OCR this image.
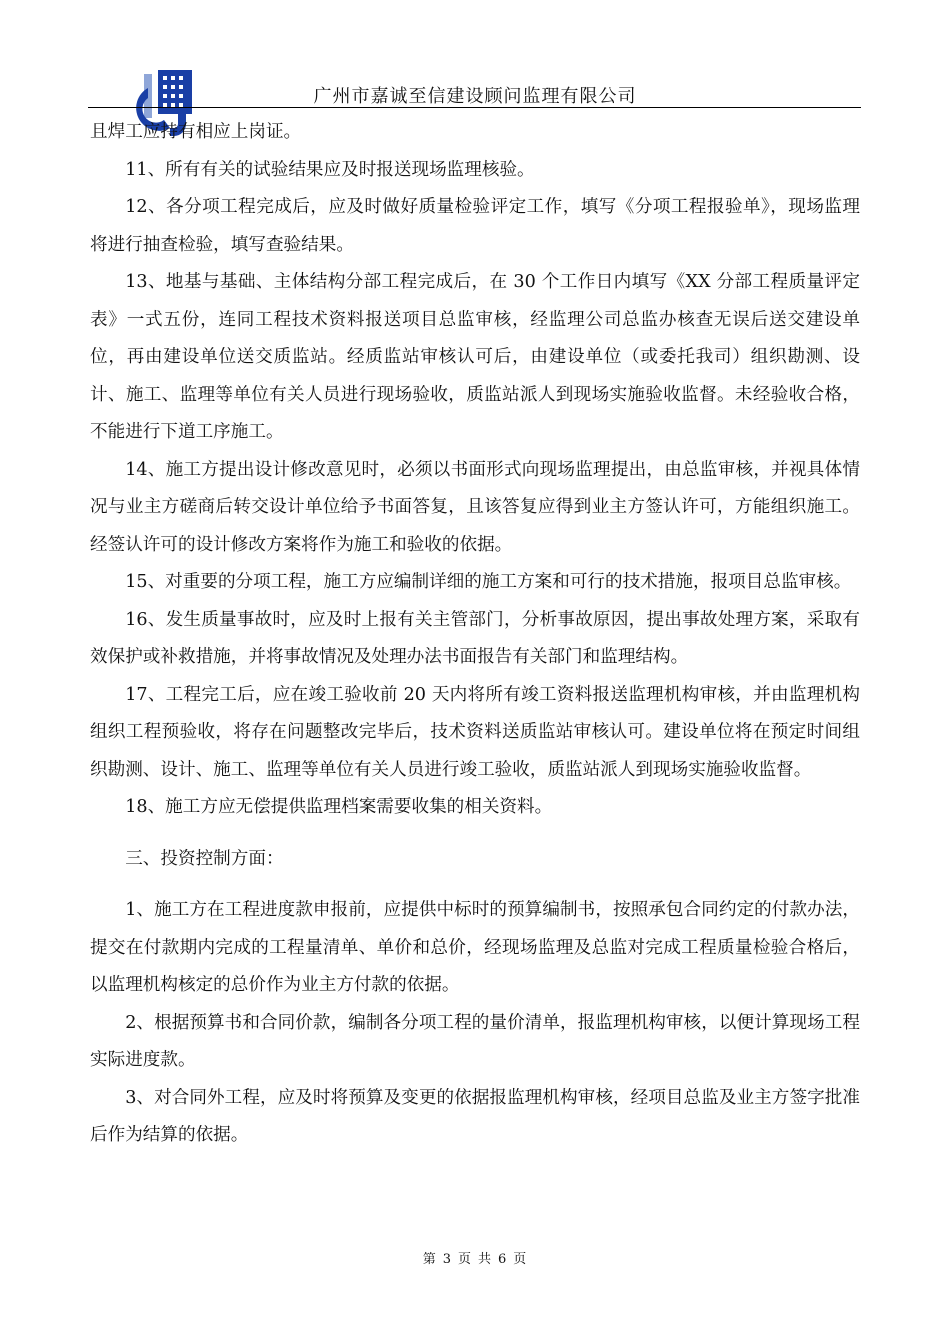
广州市嘉诚至信建设顾问监理有限公司

且焊工应持有相应上岗证。

11、所有有关的试验结果应及时报送现场监理核验。

12、各分项工程完成后，应及时做好质量检验评定工作，填写《分项工程报验单》，现场监理将进行抽查检验，填写查验结果。

13、地基与基础、主体结构分部工程完成后，在 30 个工作日内填写《XX 分部工程质量评定表》一式五份，连同工程技术资料报送项目总监审核，经监理公司总监办核查无误后送交建设单位，再由建设单位送交质监站。经质监站审核认可后，由建设单位（或委托我司）组织勘测、设计、施工、监理等单位有关人员进行现场验收，质监站派人到现场实施验收监督。未经验收合格，不能进行下道工序施工。

14、施工方提出设计修改意见时，必须以书面形式向现场监理提出，由总监审核，并视具体情况与业主方磋商后转交设计单位给予书面答复，且该答复应得到业主方签认许可，方能组织施工。经签认许可的设计修改方案将作为施工和验收的依据。

15、对重要的分项工程，施工方应编制详细的施工方案和可行的技术措施，报项目总监审核。

16、发生质量事故时，应及时上报有关主管部门，分析事故原因，提出事故处理方案，采取有效保护或补救措施，并将事故情况及处理办法书面报告有关部门和监理结构。

17、工程完工后，应在竣工验收前 20 天内将所有竣工资料报送监理机构审核，并由监理机构组织工程预验收，将存在问题整改完毕后，技术资料送质监站审核认可。建设单位将在预定时间组织勘测、设计、施工、监理等单位有关人员进行竣工验收，质监站派人到现场实施验收监督。

18、施工方应无偿提供监理档案需要收集的相关资料。

三、投资控制方面：

1、施工方在工程进度款申报前，应提供中标时的预算编制书，按照承包合同约定的付款办法，提交在付款期内完成的工程量清单、单价和总价，经现场监理及总监对完成工程质量检验合格后，以监理机构核定的总价作为业主方付款的依据。

2、根据预算书和合同价款，编制各分项工程的量价清单，报监理机构审核，以便计算现场工程实际进度款。

3、对合同外工程，应及时将预算及变更的依据报监理机构审核，经项目总监及业主方签字批准后作为结算的依据。

第 3 页 共 6 页
